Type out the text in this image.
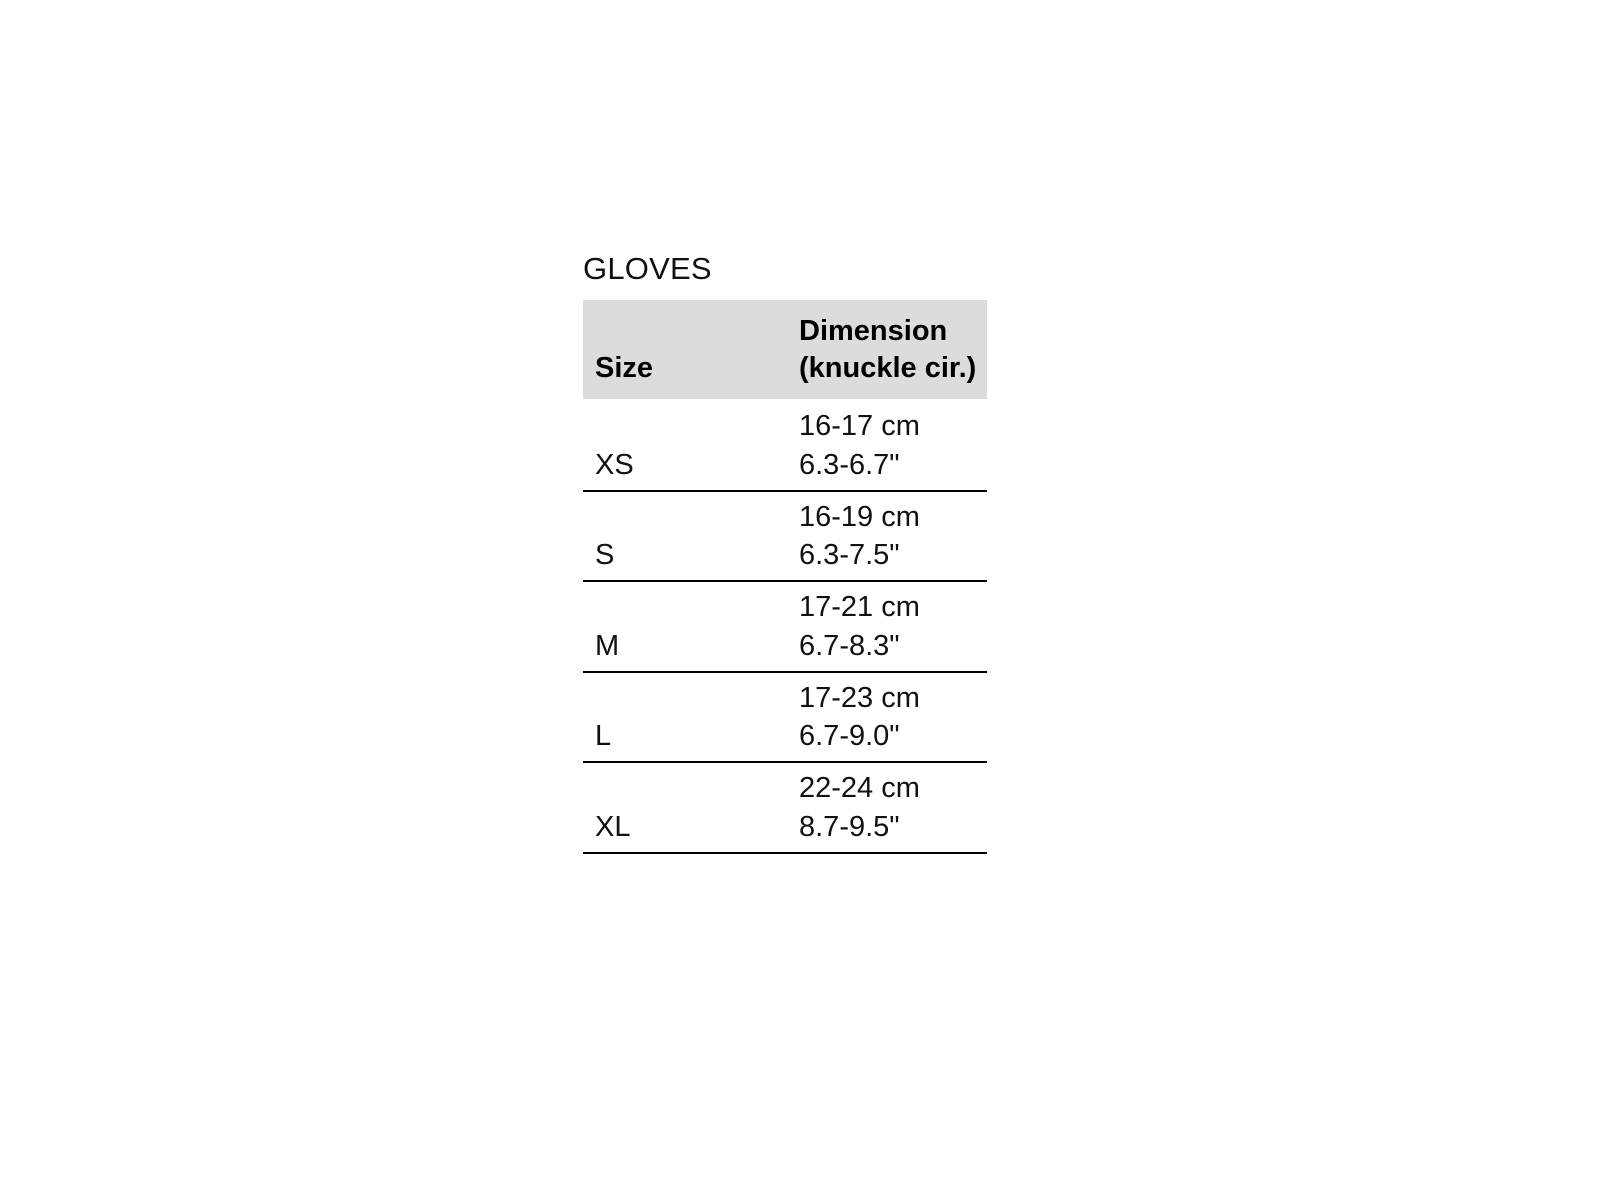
GLOVES
Size	Dimension (knuckle cir.)
XS	16-17 cm
6.3-6.7"

S	16-19 cm
6.3-7.5"

M	17-21 cm
6.7-8.3"

L	17-23 cm
6.7-9.0"

XL	22-24 cm
8.7-9.5"
